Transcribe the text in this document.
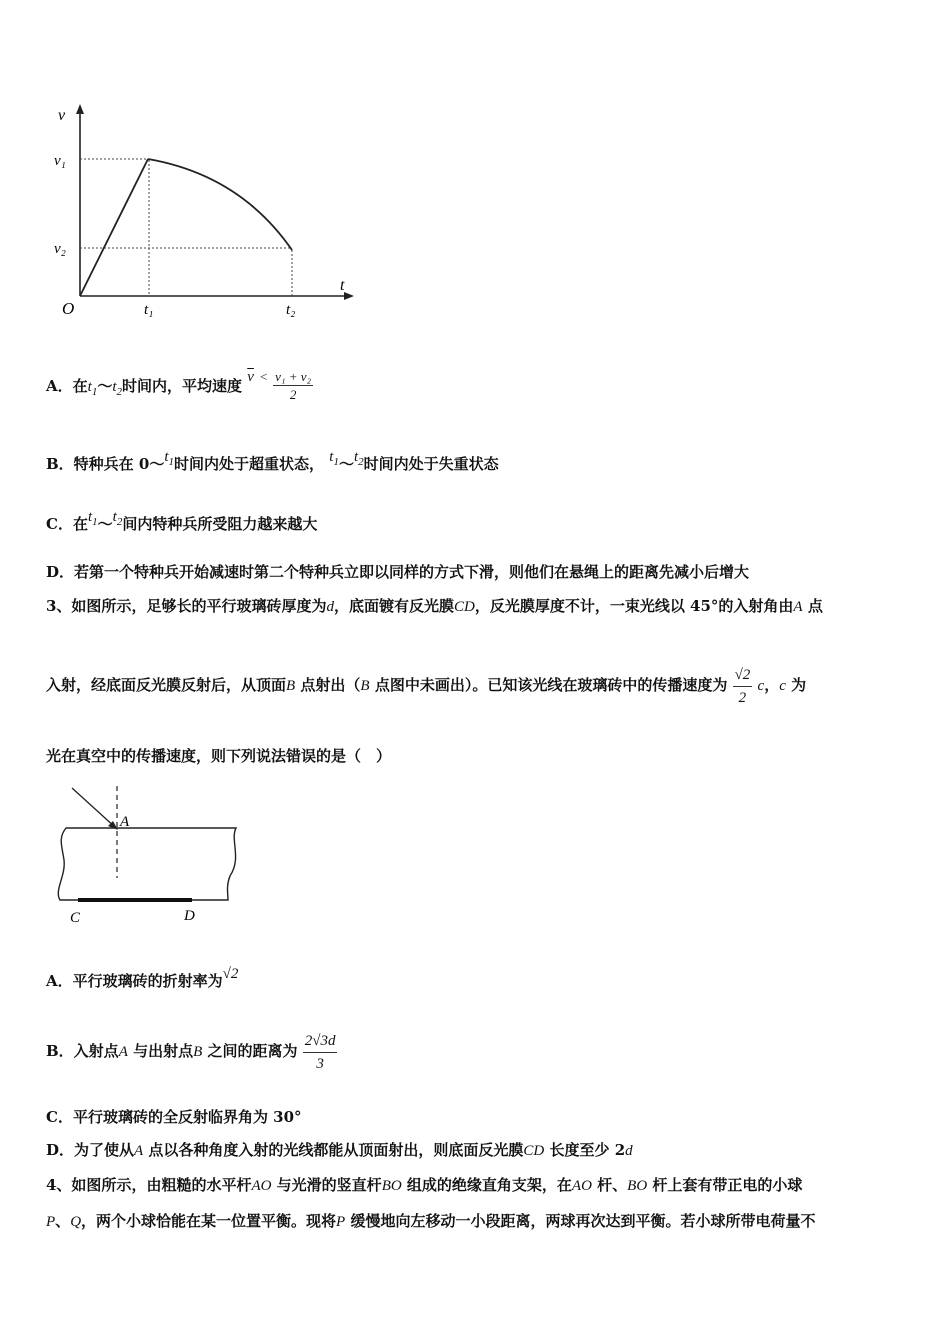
v
v₁
v₂
O	t₁	t₂
t
A．在$t_1\sim t_2$时间内，平均速度 $\overline{v} < \frac{\text{v₁ + v₂}}{2}$
B．特种兵在 $0\sim t_1$时间内处于超重状态， $t_1\sim t_2$时间内处于失重状态
C．在$t_1\sim t_2$间内特种兵所受阻力越来越大
D．若第一个特种兵开始减速时第二个特种兵立即以同样的方式下滑，则他们在悬绳上的距离先减小后增大
3、如图所示，足够长的平行玻璃砖厚度为d，底面镀有反光膜CD，反光膜厚度不计，一束光线以 45°的入射角由A 点
入射，经底面反光膜反射后，从顶面B 点射出（B 点图中未画出）。已知该光线在玻璃砖中的传播速度为 $\frac{√2}{2}$ c，c 为
光在真空中的传播速度，则下列说法错误的是（　）
A
C	D
A．平行玻璃砖的折射率为√2
B．入射点A 与出射点B 之间的距离为 $\frac{2√3d}{3}$
C．平行玻璃砖的全反射临界角为 30°
D．为了使从A 点以各种角度入射的光线都能从顶面射出，则底面反光膜CD 长度至少 2d
4、如图所示，由粗糙的水平杆AO 与光滑的竖直杆BO 组成的绝缘直角支架，在AO 杆、BO 杆上套有带正电的小球
P、Q，两个小球恰能在某一位置平衡。现将P 缓慢地向左移动一小段距离，两球再次达到平衡。若小球所带电荷量不
